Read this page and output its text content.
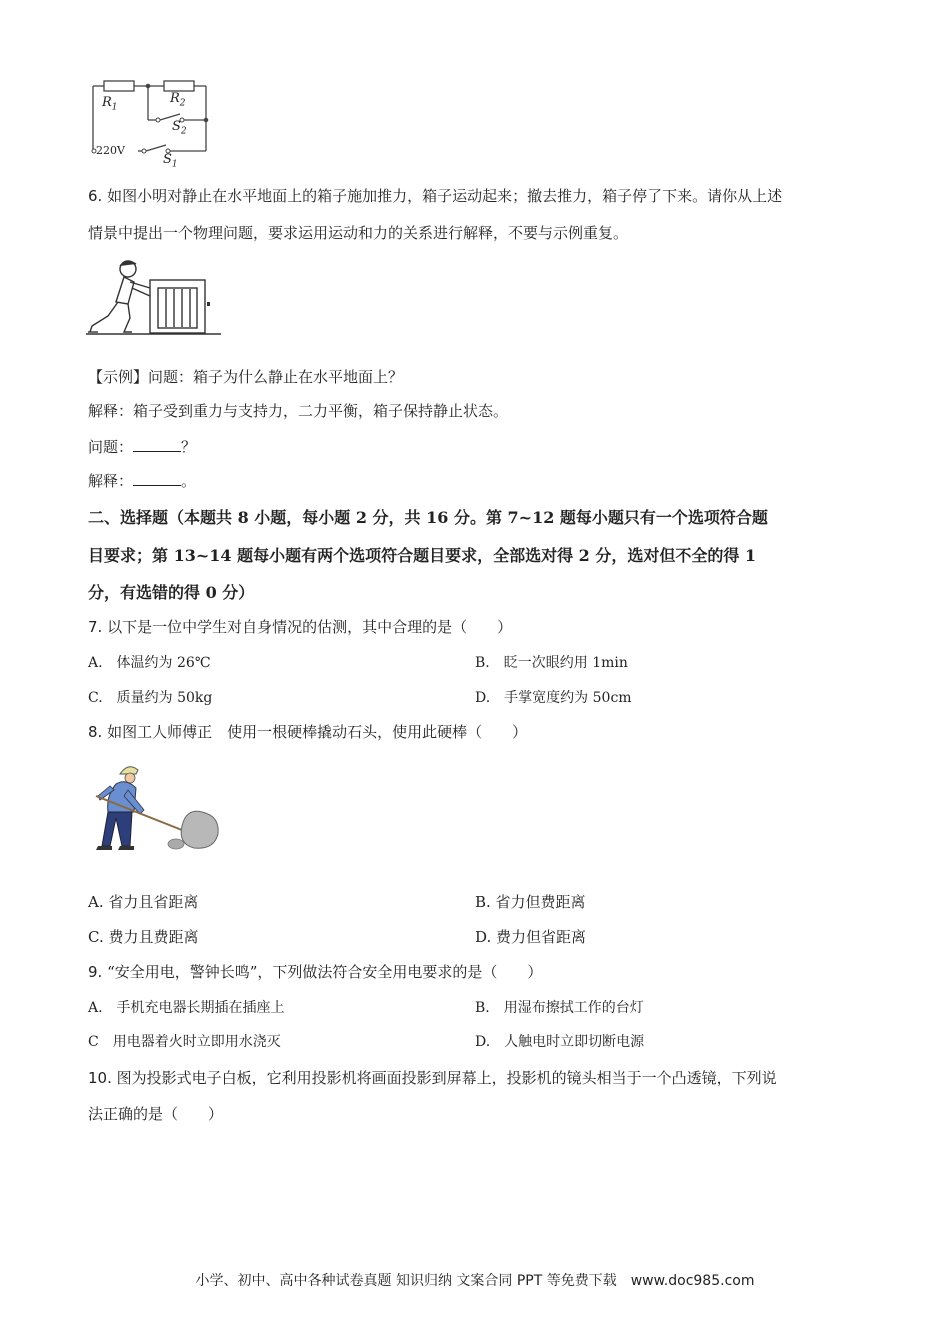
$R_1$
$R_2$
$S_2$
220V
$S_1$
6. 如图小明对静止在水平地面上的箱子施加推力，箱子运动起来；撤去推力，箱子停了下来。请你从上述
情景中提出一个物理问题，要求运用运动和力的关系进行解释，不要与示例重复。
【示例】问题：箱子为什么静止在水平地面上？
解释：箱子受到重力与支持力，二力平衡，箱子保持静止状态。
问题：	？
解释：	。
二、选择题（本题共 8 小题，每小题 2 分，共 16 分。第 7~12 题每小题只有一个选项符合题
目要求；第 13~14 题每小题有两个选项符合题目要求，全部选对得 2 分，选对但不全的得 1
分，有选错的得 0 分）
7. 以下是一位中学生对自身情况的估测，其中合理的是（　　）
A.　体温约为 26℃	B.　眨一次眼约用 1min
C.　质量约为 50kg	D.　手掌宽度约为 50cm
8. 如图工人师傅正　使用一根硬棒撬动石头，使用此硬棒（　　）
A. 省力且省距离	B. 省力但费距离
C. 费力且费距离	D. 费力但省距离
9. “安全用电，警钟长鸣”，下列做法符合安全用电要求的是（　　）
A.　手机充电器长期插在插座上	B.　用湿布擦拭工作的台灯
C　用电器着火时立即用水浇灭	D.　人触电时立即切断电源
10. 图为投影式电子白板，它利用投影机将画面投影到屏幕上，投影机的镜头相当于一个凸透镜，下列说
法正确的是（　　）
小学、初中、高中各种试卷真题 知识归纳 文案合同 PPT 等免费下载　www.doc985.com
